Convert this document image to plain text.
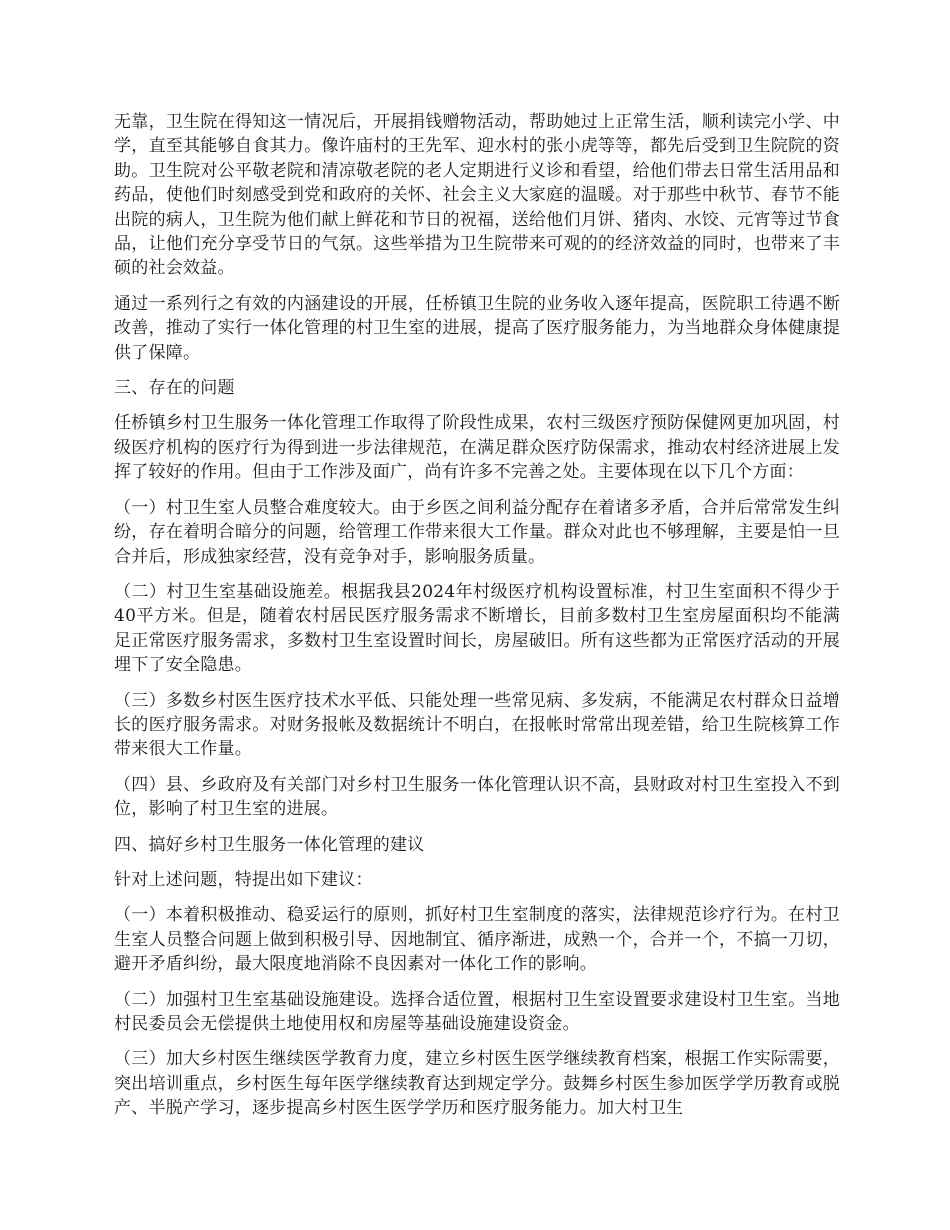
无靠，卫生院在得知这一情况后，开展捐钱赠物活动，帮助她过上正常生活，顺利读完小学、中学，直至其能够自食其力。像许庙村的王先军、迎水村的张小虎等等，都先后受到卫生院院的资助。卫生院对公平敬老院和清凉敬老院的老人定期进行义诊和看望，给他们带去日常生活用品和药品，使他们时刻感受到党和政府的关怀、社会主义大家庭的温暖。对于那些中秋节、春节不能出院的病人，卫生院为他们献上鲜花和节日的祝福，送给他们月饼、猪肉、水饺、元宵等过节食品，让他们充分享受节日的气氛。这些举措为卫生院带来可观的的经济效益的同时，也带来了丰硕的社会效益。

通过一系列行之有效的内涵建设的开展，任桥镇卫生院的业务收入逐年提高，医院职工待遇不断改善，推动了实行一体化管理的村卫生室的进展，提高了医疗服务能力，为当地群众身体健康提供了保障。

三、存在的问题

任桥镇乡村卫生服务一体化管理工作取得了阶段性成果，农村三级医疗预防保健网更加巩固，村级医疗机构的医疗行为得到进一步法律规范，在满足群众医疗防保需求，推动农村经济进展上发挥了较好的作用。但由于工作涉及面广，尚有许多不完善之处。主要体现在以下几个方面：

（一）村卫生室人员整合难度较大。由于乡医之间利益分配存在着诸多矛盾，合并后常常发生纠纷，存在着明合暗分的问题，给管理工作带来很大工作量。群众对此也不够理解，主要是怕一旦合并后，形成独家经营，没有竞争对手，影响服务质量。

（二）村卫生室基础设施差。根据我县2024年村级医疗机构设置标准，村卫生室面积不得少于40平方米。但是，随着农村居民医疗服务需求不断增长，目前多数村卫生室房屋面积均不能满足正常医疗服务需求，多数村卫生室设置时间长，房屋破旧。所有这些都为正常医疗活动的开展埋下了安全隐患。

（三）多数乡村医生医疗技术水平低、只能处理一些常见病、多发病，不能满足农村群众日益增长的医疗服务需求。对财务报帐及数据统计不明白，在报帐时常常出现差错，给卫生院核算工作带来很大工作量。

（四）县、乡政府及有关部门对乡村卫生服务一体化管理认识不高，县财政对村卫生室投入不到位，影响了村卫生室的进展。

四、搞好乡村卫生服务一体化管理的建议

针对上述问题，特提出如下建议：

（一）本着积极推动、稳妥运行的原则，抓好村卫生室制度的落实，法律规范诊疗行为。在村卫生室人员整合问题上做到积极引导、因地制宜、循序渐进，成熟一个，合并一个，不搞一刀切，避开矛盾纠纷，最大限度地消除不良因素对一体化工作的影响。

（二）加强村卫生室基础设施建设。选择合适位置，根据村卫生室设置要求建设村卫生室。当地村民委员会无偿提供土地使用权和房屋等基础设施建设资金。

（三）加大乡村医生继续医学教育力度，建立乡村医生医学继续教育档案，根据工作实际需要，突出培训重点，乡村医生每年医学继续教育达到规定学分。鼓舞乡村医生参加医学学历教育或脱产、半脱产学习，逐步提高乡村医生医学学历和医疗服务能力。加大村卫生
